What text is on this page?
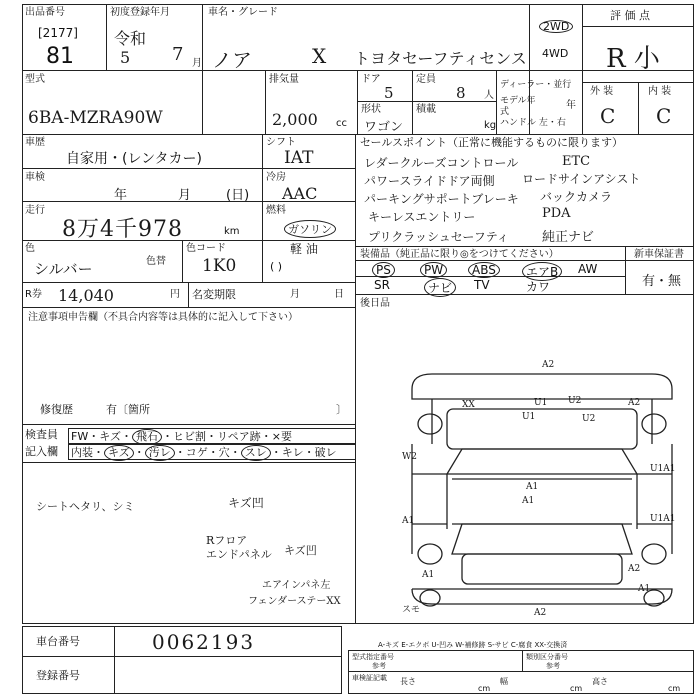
出品番号
[2177]
81
初度登録年月
令和
5 7 月
車名・グレード
ノア	X トヨタセーフティセンス
2WD
4WD
評 価 点
R 小
外 装	内 装
C C
型式
6BA-MZRA90W
排気量
2,000 cc
ドア
5
定員
8 人
形状
ワゴン
積載
kg
ディーラー・並行
モデル年式
年
ハンドル 左・右
車歴
自家用・(レンタカー)
シフト
IAT
車検
年	月	(日)
冷房
AAC
走行
8万4千978	km
燃料
ガソリン
軽 油
( )
色
シルバー	色替
色コード
1K0
R券 14,040	円 名変期限	月	日
注意事項申告欄（不具合内容等は具体的に記入して下さい）
修復歴	有〔箇所	〕
検査員
記入欄
FW・キズ・ 飛石 ・ヒビ割・リペア跡・×要
内装・ キズ ・ 汚レ ・コゲ・穴・ スレ ・キレ・破レ
シートヘタリ、シミ	キズ凹
Rフロア
エンドパネル キズ凹
エアインパネ左
フェンダーステーXX
セールスポイント（正常に機能するものに限ります）
レダークルーズコントロール	ETC
パワースライドドア両側 ロードサインアシスト
パーキングサポートブレーキ バックカメラ
キーレスエントリー	PDA
プリクラッシュセーフティ	純正ナビ
装備品（純正品に限り◎をつけてください）	新車保証書
有・無
PS	PW	ABS	エアB	AW
SR	ナビ	TV	カワ
後日品
A2
U1
U1
U2	A2
U2
XX
W2
A1
A1
U1A1
A1	U1A1
A1
A2
スモ
A1
A2
車台番号	0062193
登録番号
A-キズ E-エクボ U-凹み W-補修跡 S-サビ C-腐食 XX-交換済
型式指定番号
参考
類別区分番号
参考
車検証記載 長さ
cm
幅
cm
高さ
cm
